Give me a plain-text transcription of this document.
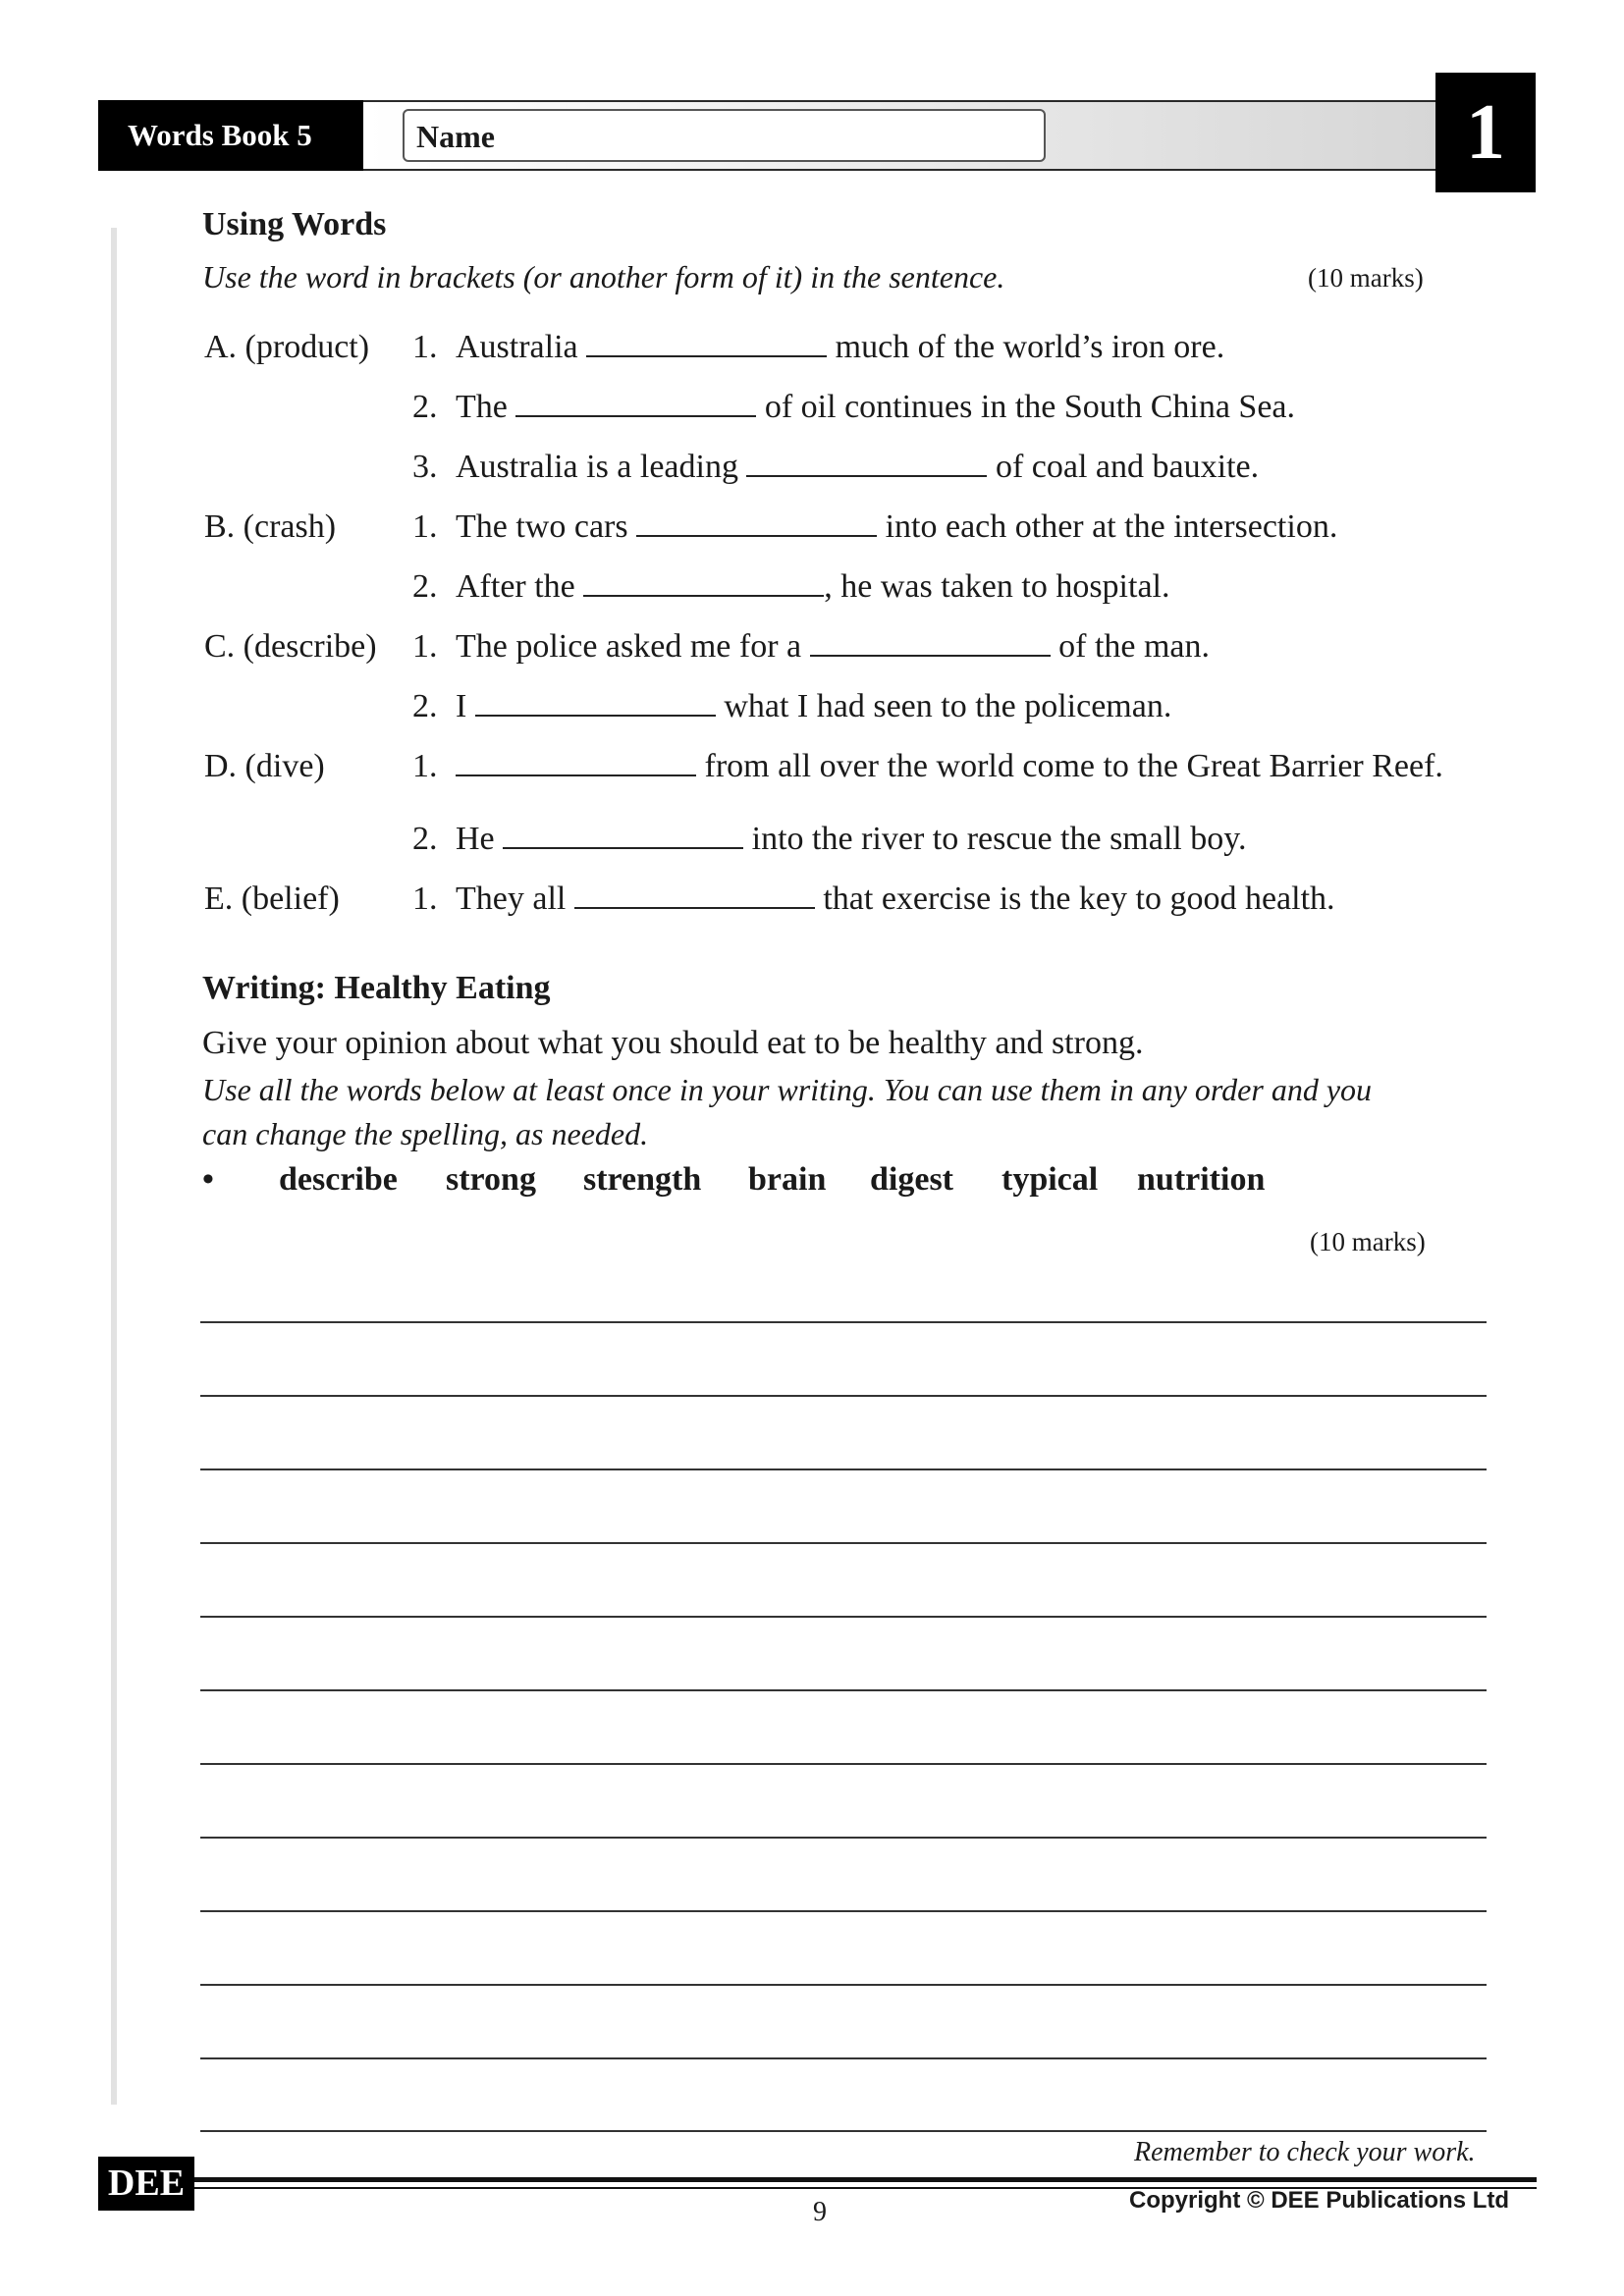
Words Book 5	Name	1
Using Words
Use the word in brackets (or another form of it) in the sentence.	(10 marks)
A. (product) 1. Australia	much of the world’s iron ore.
2. The	of oil continues in the South China Sea.
3. Australia is a leading	of coal and bauxite.
B. (crash) 1. The two cars	into each other at the intersection.
2. After the	, he was taken to hospital.
C. (describe) 1. The police asked me for a	of the man.
2. I	what I had seen to the policeman.
D. (dive)	1.	from all over the world come to the Great Barrier Reef.
2. He	into the river to rescue the small boy.
E. (belief) 1. They all	that exercise is the key to good health.
Writing: Healthy Eating
Give your opinion about what you should eat to be healthy and strong.
Use all the words below at least once in your writing. You can use them in any order and you
can change the spelling, as needed.
• describe strong strength brain digest typical nutrition
(10 marks)
Remember to check your work.
DEE
9	Copyright © DEE Publications Ltd
